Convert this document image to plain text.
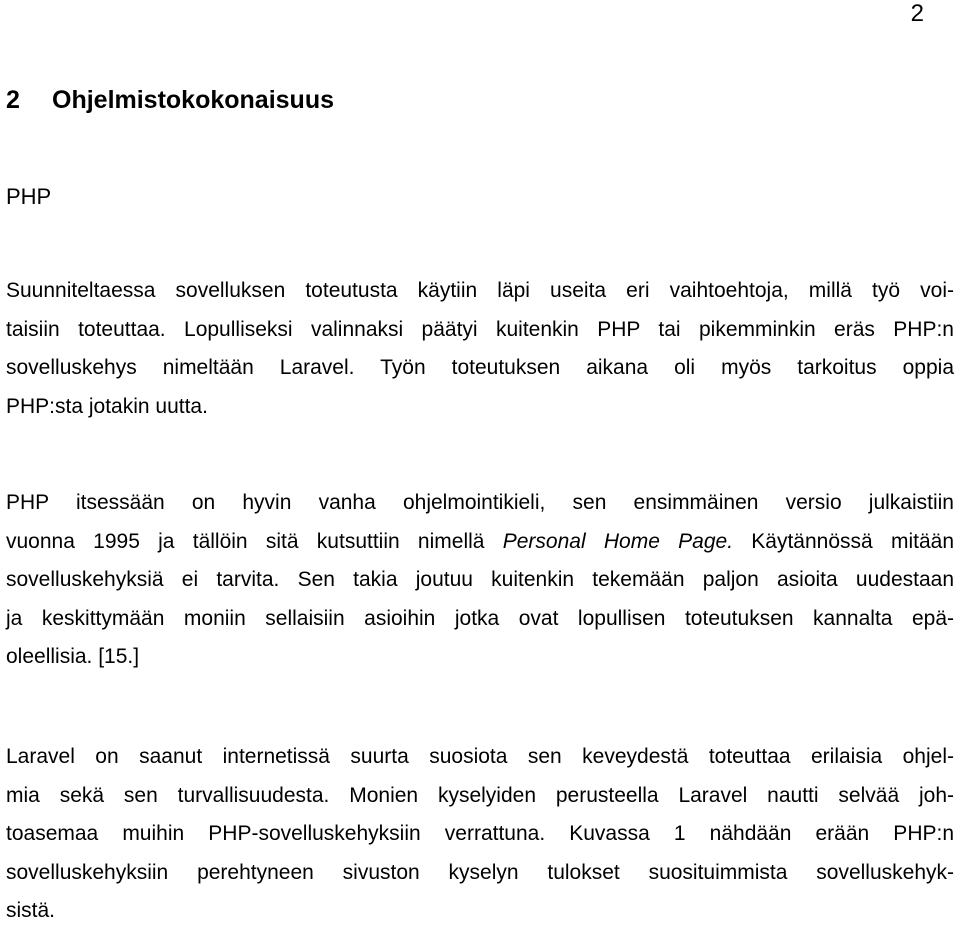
2
2 Ohjelmistokokonaisuus
PHP

Suunniteltaessa sovelluksen toteutusta käytiin läpi useita eri vaihtoehtoja, millä työ voi-
taisiin toteuttaa. Lopulliseksi valinnaksi päätyi kuitenkin PHP tai pikemminkin eräs PHP:n
sovelluskehys nimeltään Laravel. Työn toteutuksen aikana oli myös tarkoitus oppia
PHP:sta jotakin uutta.

PHP itsessään on hyvin vanha ohjelmointikieli, sen ensimmäinen versio julkaistiin
vuonna 1995 ja tällöin sitä kutsuttiin nimellä Personal Home Page. Käytännössä mitään
sovelluskehyksiä ei tarvita. Sen takia joutuu kuitenkin tekemään paljon asioita uudestaan
ja keskittymään moniin sellaisiin asioihin jotka ovat lopullisen toteutuksen kannalta epä-
oleellisia. [15.]

Laravel on saanut internetissä suurta suosiota sen keveydestä toteuttaa erilaisia ohjel-
mia sekä sen turvallisuudesta. Monien kyselyiden perusteella Laravel nautti selvää joh-
toasemaa muihin PHP-sovelluskehyksiin verrattuna. Kuvassa 1 nähdään erään PHP:n
sovelluskehyksiin perehtyneen sivuston kyselyn tulokset suosituimmista sovelluskehyk-
sistä.
